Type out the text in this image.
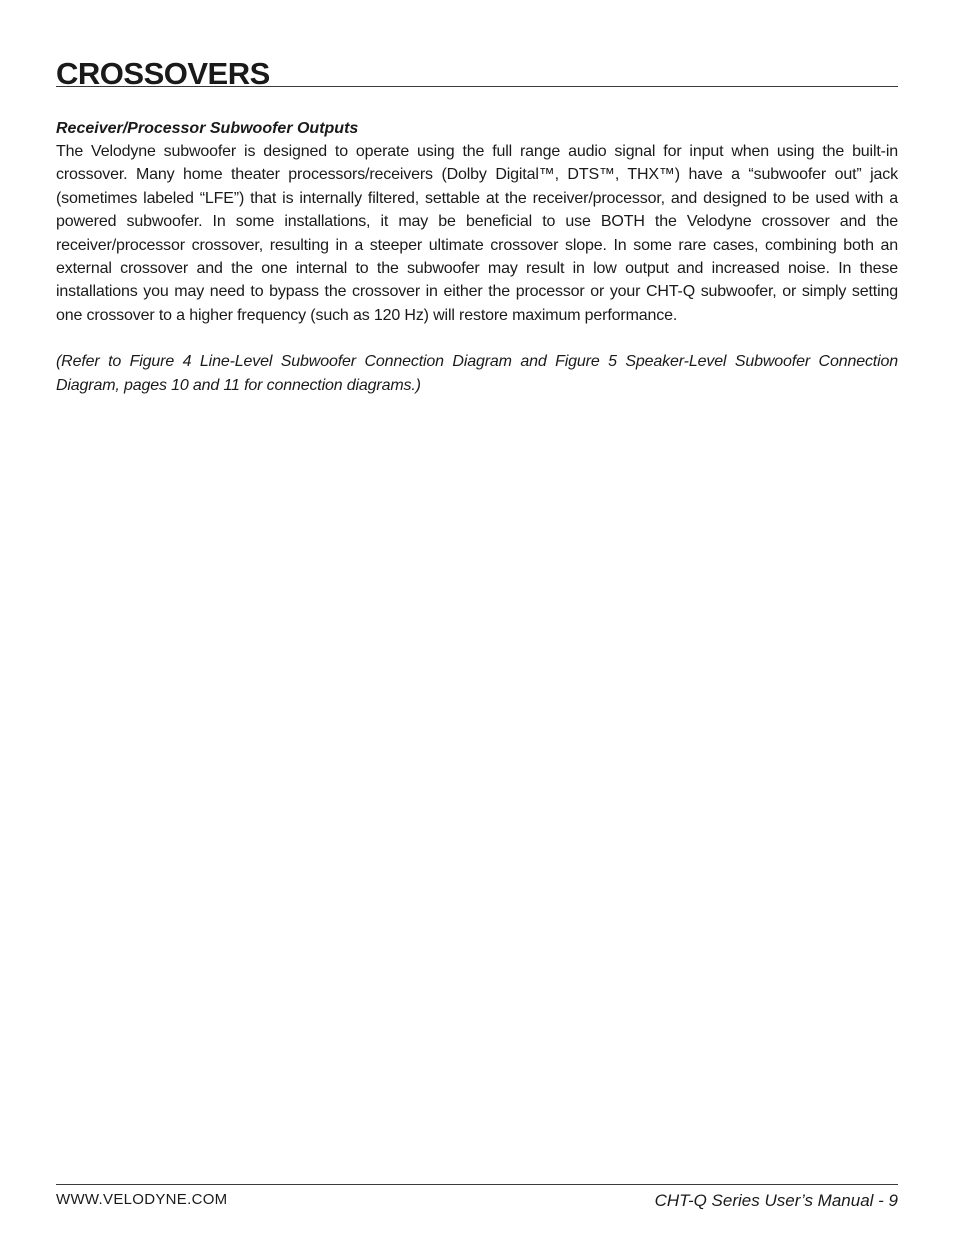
CROSSOVERS
Receiver/Processor Subwoofer Outputs

The Velodyne subwoofer is designed to operate using the full range audio signal for input when using the built-in crossover. Many home theater processors/receivers (Dolby Digital™, DTS™, THX™) have a “subwoofer out” jack (sometimes labeled “LFE”) that is internally filtered, settable at the receiver/processor, and designed to be used with a powered subwoofer. In some installations, it may be beneficial to use BOTH the Velodyne crossover and the receiver/processor crossover, resulting in a steeper ultimate crossover slope. In some rare cases, combining both an external crossover and the one internal to the subwoofer may result in low output and increased noise. In these installations you may need to bypass the crossover in either the processor or your CHT-Q subwoofer, or simply setting one crossover to a higher frequency (such as 120 Hz) will restore maximum performance.

(Refer to Figure 4 Line-Level Subwoofer Connection Diagram and Figure 5 Speaker-Level Subwoofer Connection Diagram, pages 10 and 11 for connection diagrams.)

WWW.VELODYNE.COM	CHT-Q Series User’s Manual - 9
